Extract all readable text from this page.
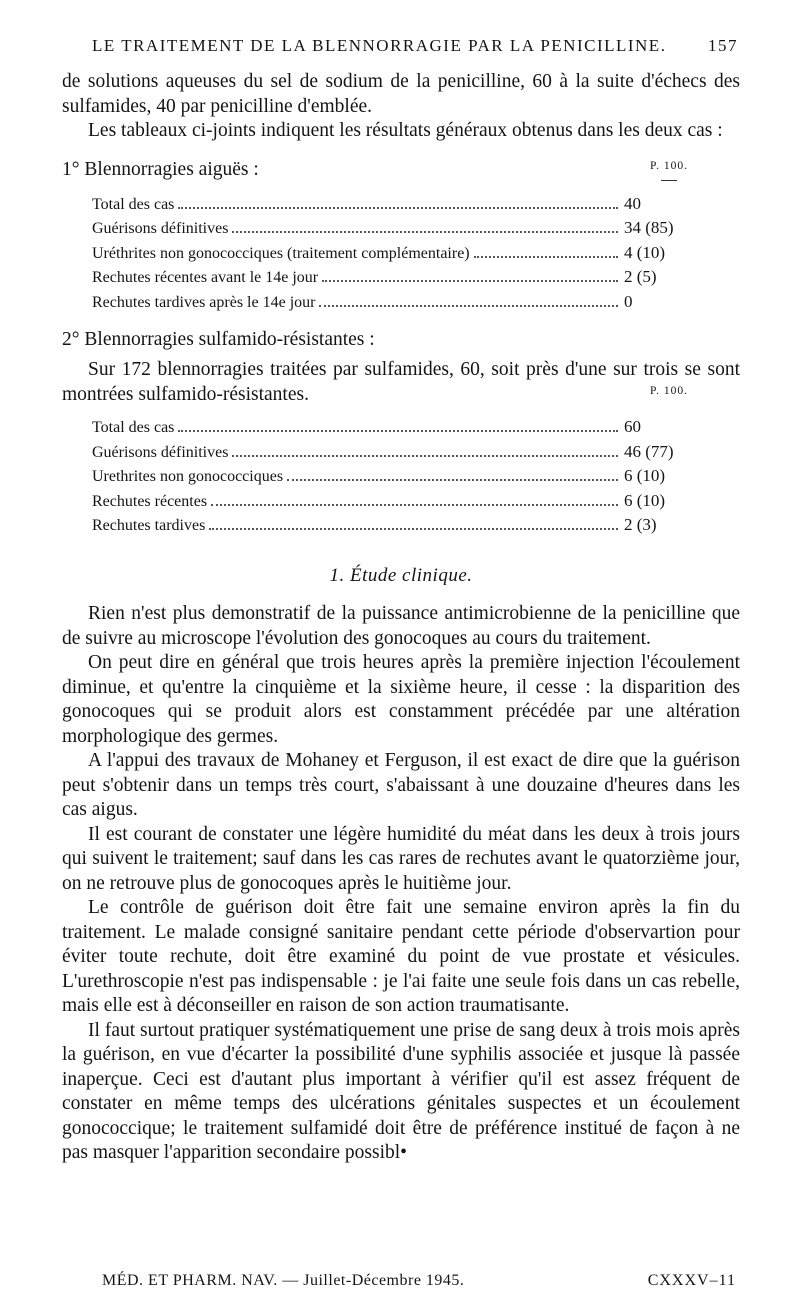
LE TRAITEMENT DE LA BLENNORRAGIE PAR LA PENICILLINE. 157

de solutions aqueuses du sel de sodium de la penicilline, 60 à la suite d'échecs des sulfamides, 40 par penicilline d'emblée.

Les tableaux ci-joints indiquent les résultats généraux obtenus dans les deux cas :

1° Blennorragies aiguës :	P. 100.
Total des cas	40
Guérisons définitives	34 (85)
Uréthrites non gonococciques (traitement complémentaire)	4 (10)
Rechutes récentes avant le 14e jour	2 (5)
Rechutes tardives après le 14e jour	0
2° Blennorragies sulfamido-résistantes :

Sur 172 blennorragies traitées par sulfamides, 60, soit près d'une sur trois se sont montrées sulfamido-résistantes.	P. 100.
Total des cas	60
Guérisons définitives	46 (77)
Urethrites non gonococciques	6 (10)
Rechutes récentes	6 (10)
Rechutes tardives	2 (3)
1. Étude clinique.

Rien n'est plus demonstratif de la puissance antimicrobienne de la penicilline que de suivre au microscope l'évolution des gonocoques au cours du traitement.

On peut dire en général que trois heures après la première injection l'écoulement diminue, et qu'entre la cinquième et la sixième heure, il cesse : la disparition des gonocoques qui se produit alors est constamment précédée par une altération morphologique des germes.

A l'appui des travaux de Mohaney et Ferguson, il est exact de dire que la guérison peut s'obtenir dans un temps très court, s'abaissant à une douzaine d'heures dans les cas aigus.

Il est courant de constater une légère humidité du méat dans les deux à trois jours qui suivent le traitement; sauf dans les cas rares de rechutes avant le quatorzième jour, on ne retrouve plus de gonocoques après le huitième jour.

Le contrôle de guérison doit être fait une semaine environ après la fin du traitement. Le malade consigné sanitaire pendant cette période d'observartion pour éviter toute rechute, doit être examiné du point de vue prostate et vésicules. L'urethroscopie n'est pas indispensable : je l'ai faite une seule fois dans un cas rebelle, mais elle est à déconseiller en raison de son action traumatisante.

Il faut surtout pratiquer systématiquement une prise de sang deux à trois mois après la guérison, en vue d'écarter la possibilité d'une syphilis associée et jusque là passée inaperçue. Ceci est d'autant plus important à vérifier qu'il est assez fréquent de constater en même temps des ulcérations génitales suspectes et un écoulement gonococcique; le traitement sulfamidé doit être de préférence institué de façon à ne pas masquer l'apparition secondaire possibl•

MÉD. ET PHARM. NAV. — Juillet-Décembre 1945.	CXXXV–11
